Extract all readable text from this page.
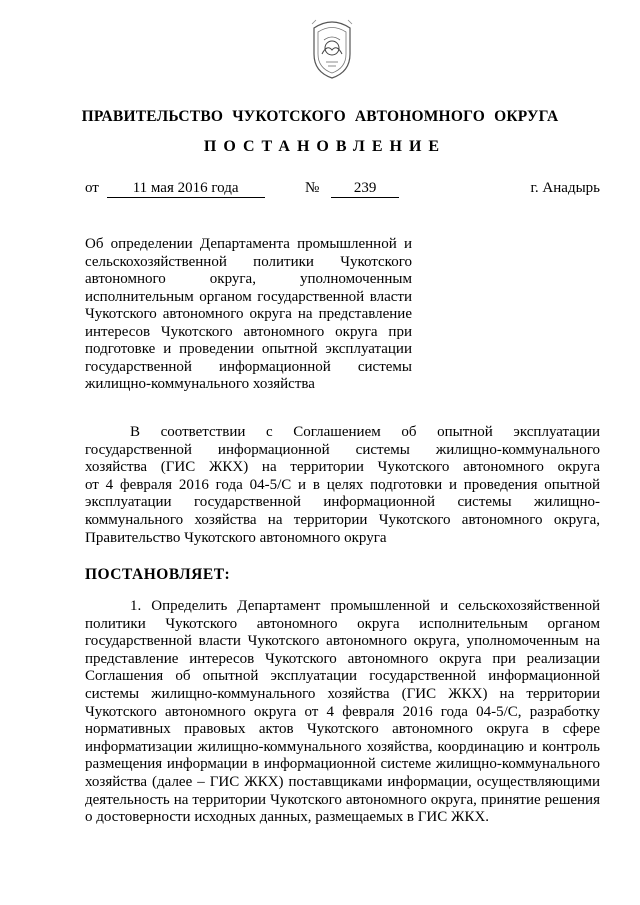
ПРАВИТЕЛЬСТВО ЧУКОТСКОГО АВТОНОМНОГО ОКРУГА
ПОСТАНОВЛЕНИЕ
от 11 мая 2016 года	№ 239	г. Анадырь
Об определении Департамента промышленной и
сельскохозяйственной политики Чукотского
автономного округа, уполномоченным
исполнительным органом государственной власти
Чукотского автономного округа на представление
интересов Чукотского автономного округа при
подготовке и проведении опытной эксплуатации
государственной информационной системы
жилищно-коммунального хозяйства
В соответствии с Соглашением об опытной эксплуатации
государственной информационной системы жилищно-коммунального
хозяйства (ГИС ЖКХ) на территории Чукотского автономного округа
от 4 февраля 2016 года 04-5/С и в целях подготовки и проведения опытной
эксплуатации государственной информационной системы жилищно-
коммунального хозяйства на территории Чукотского автономного округа,
Правительство Чукотского автономного округа
ПОСТАНОВЛЯЕТ:
1. Определить Департамент промышленной и сельскохозяйственной
политики Чукотского автономного округа исполнительным органом
государственной власти Чукотского автономного округа, уполномоченным на
представление интересов Чукотского автономного округа при реализации
Соглашения об опытной эксплуатации государственной информационной
системы жилищно-коммунального хозяйства (ГИС ЖКХ) на территории
Чукотского автономного округа от 4 февраля 2016 года 04-5/С, разработку
нормативных правовых актов Чукотского автономного округа в сфере
информатизации жилищно-коммунального хозяйства, координацию и контроль
размещения информации в информационной системе жилищно-коммунального
хозяйства (далее – ГИС ЖКХ) поставщиками информации, осуществляющими
деятельность на территории Чукотского автономного округа, принятие решения
о достоверности исходных данных, размещаемых в ГИС ЖКХ.
